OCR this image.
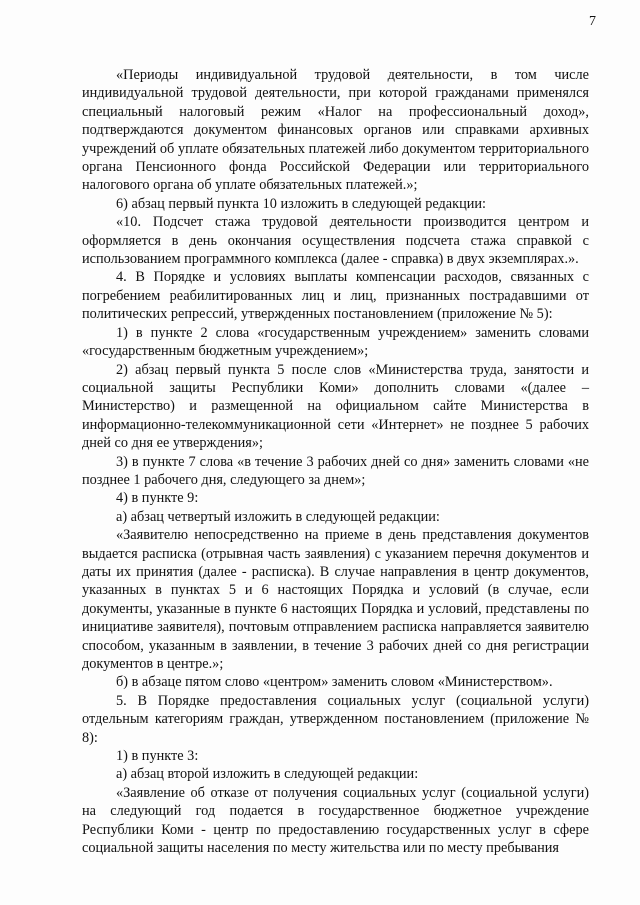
7

«Периоды индивидуальной трудовой деятельности, в том числе индивидуальной трудовой деятельности, при которой гражданами применялся специальный налоговый режим «Налог на профессиональный доход», подтверждаются документом финансовых органов или справками архивных учреждений об уплате обязательных платежей либо документом территориального органа Пенсионного фонда Российской Федерации или территориального налогового органа об уплате обязательных платежей.»;

6) абзац первый пункта 10 изложить в следующей редакции:

«10. Подсчет стажа трудовой деятельности производится центром и оформляется в день окончания осуществления подсчета стажа справкой с использованием программного комплекса (далее - справка) в двух экземплярах.».

4. В Порядке и условиях выплаты компенсации расходов, связанных с погребением реабилитированных лиц и лиц, признанных пострадавшими от политических репрессий, утвержденных постановлением (приложение № 5):

1) в пункте 2 слова «государственным учреждением» заменить словами «государственным бюджетным учреждением»;

2) абзац первый пункта 5 после слов «Министерства труда, занятости и социальной защиты Республики Коми» дополнить словами «(далее – Министерство) и размещенной на официальном сайте Министерства в информационно-телекоммуникационной сети «Интернет» не позднее 5 рабочих дней со дня ее утверждения»;

3) в пункте 7 слова «в течение 3 рабочих дней со дня» заменить словами «не позднее 1 рабочего дня, следующего за днем»;

4) в пункте 9:

а) абзац четвертый изложить в следующей редакции:

«Заявителю непосредственно на приеме в день представления документов выдается расписка (отрывная часть заявления) с указанием перечня документов и даты их принятия (далее - расписка). В случае направления в центр документов, указанных в пунктах 5 и 6 настоящих Порядка и условий (в случае, если документы, указанные в пункте 6 настоящих Порядка и условий, представлены по инициативе заявителя), почтовым отправлением расписка направляется заявителю способом, указанным в заявлении, в течение 3 рабочих дней со дня регистрации документов в центре.»;

б) в абзаце пятом слово «центром» заменить словом «Министерством».

5. В Порядке предоставления социальных услуг (социальной услуги) отдельным категориям граждан, утвержденном постановлением (приложение № 8):

1) в пункте 3:

а) абзац второй изложить в следующей редакции:

«Заявление об отказе от получения социальных услуг (социальной услуги) на следующий год подается в государственное бюджетное учреждение Республики Коми - центр по предоставлению государственных услуг в сфере социальной защиты населения по месту жительства или по месту пребывания
